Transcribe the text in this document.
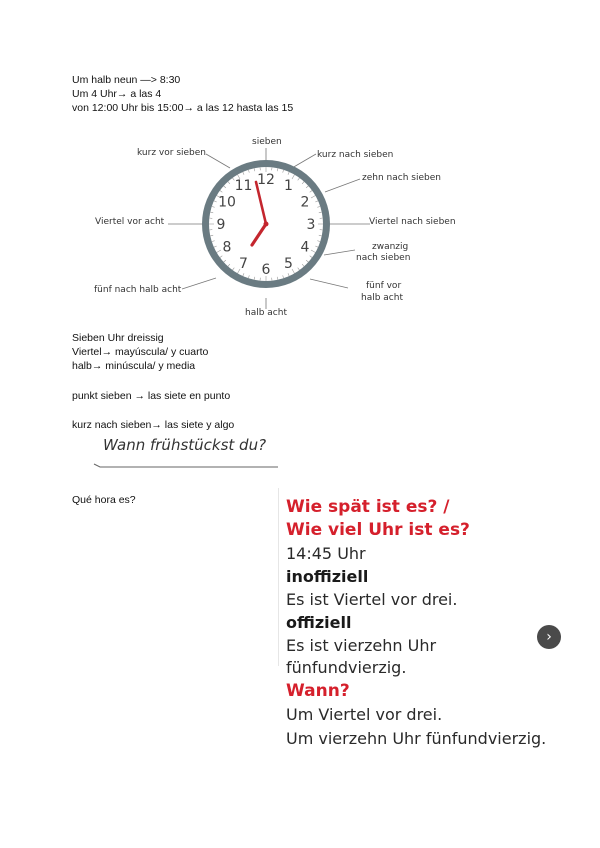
Um halb neun —> 8:30
Um 4 Uhr→ a las 4
von 12:00 Uhr bis 15:00→ a las 12 hasta las 15
12 1
2
3
4
5
6
7
8
9
10
11
sieben
kurz vor sieben	kurz nach sieben
zehn nach sieben
Viertel vor acht	Viertel nach sieben
zwanzig
nach sieben
fünf nach halb acht	fünf vor
halb acht
halb acht
Sieben Uhr dreissig
Viertel→ mayúscula/ y cuarto
halb→ minúscula/ y media
punkt sieben → las siete en punto
kurz nach sieben→ las siete y algo
Wann frühstückst du?
Qué hora es?	Wie spät ist es? /
Wie viel Uhr ist es?
14:45 Uhr
inoffiziell
Es ist Viertel vor drei.
offiziell
Es ist vierzehn Uhr fünfundvierzig.
Wann?
Um Viertel vor drei.
Um vierzehn Uhr fünfundvierzig.
›
